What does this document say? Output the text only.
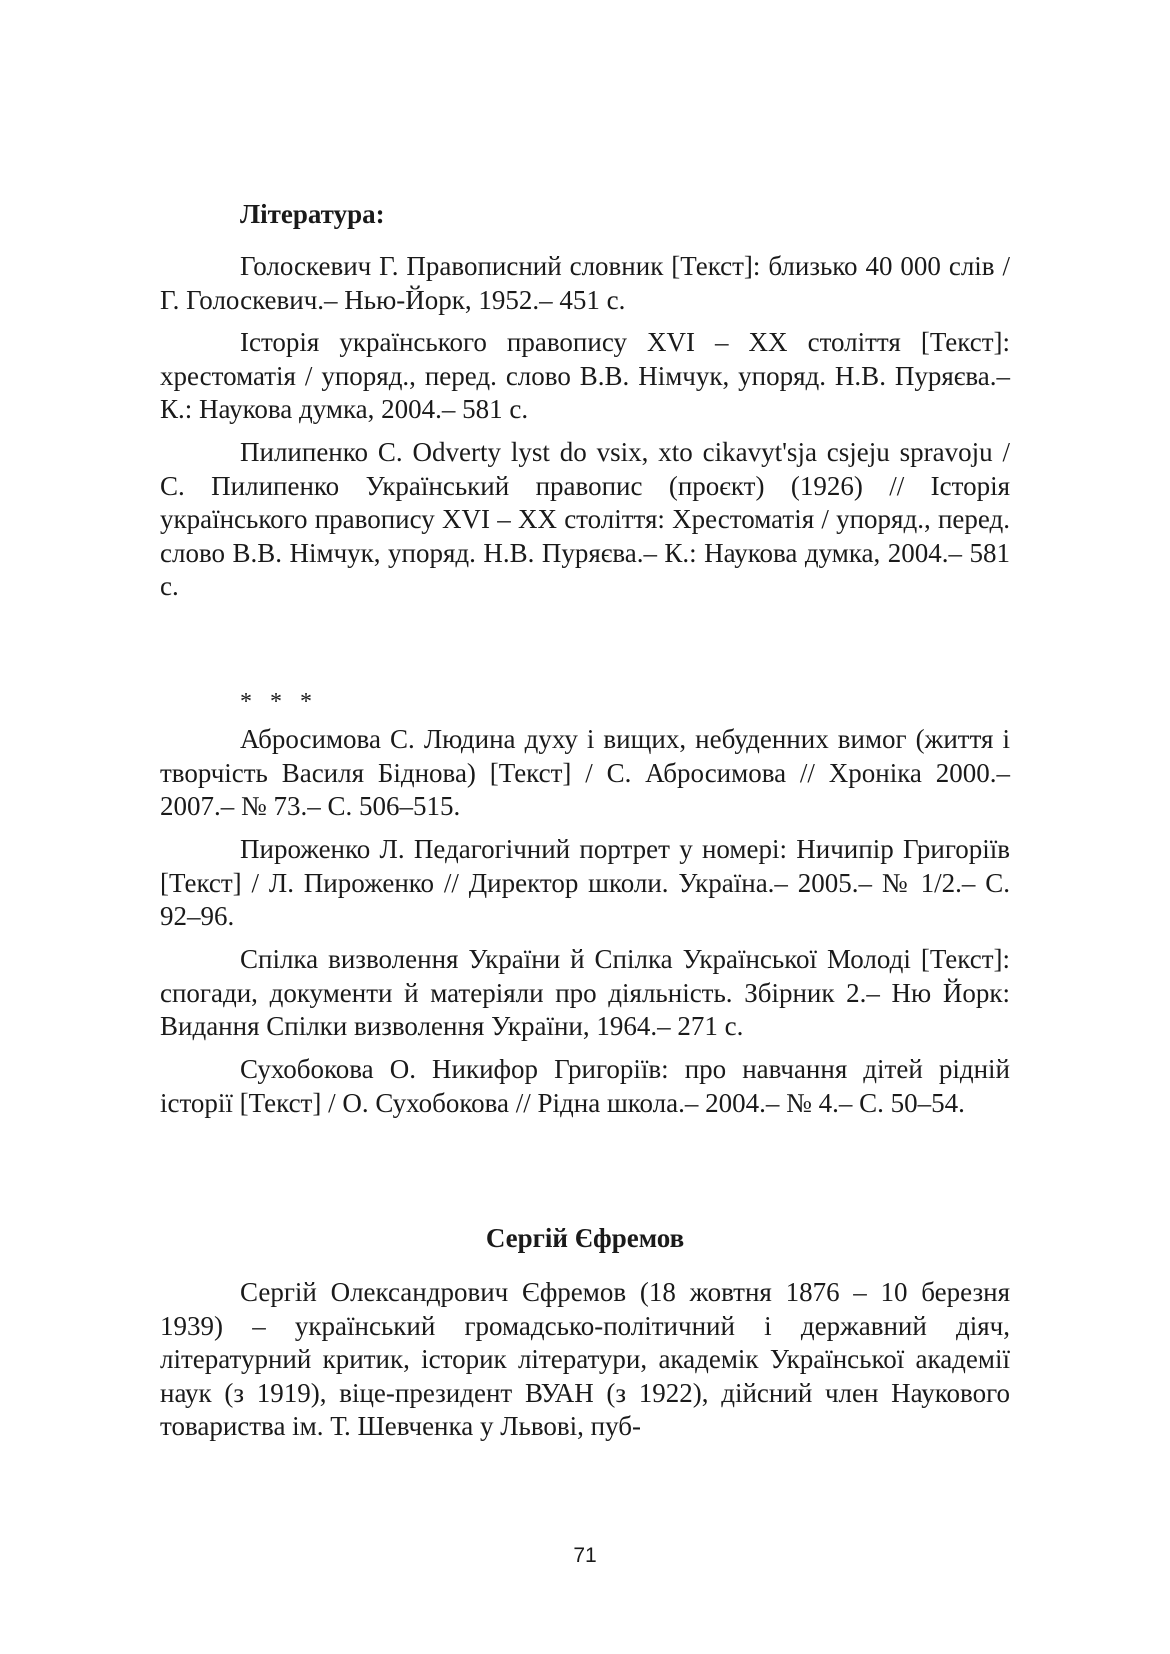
Література:

Голоскевич Г. Правописний словник [Текст]: близько 40 000 слів / Г. Голоскевич.– Нью-Йорк, 1952.– 451 с.

Історія українського правопису XVI – XX століття [Текст]: хрестоматія / упоряд., перед. слово В.В. Німчук, упоряд. Н.В. Пуряєва.– К.: Наукова думка, 2004.– 581 с.

Пилипенко С. Odverty lyst do vsix, xto cikavyt'sja csjeju spravoju / С. Пилипенко Український правопис (проєкт) (1926) // Історія українського правопису XVI – XX століття: Хрестоматія / упоряд., перед. слово В.В. Німчук, упоряд. Н.В. Пуряєва.– К.: Наукова думка, 2004.– 581 с.

* * *

Абросимова С. Людина духу і вищих, небуденних вимог (життя і творчість Василя Біднова) [Текст] / С. Абросимова // Хроніка 2000.– 2007.– № 73.– С. 506–515.

Пироженко Л. Педагогічний портрет у номері: Ничипір Григоріїв [Текст] / Л. Пироженко // Директор школи. Україна.– 2005.– № 1/2.– С. 92–96.

Спілка визволення України й Спілка Української Молоді [Текст]: спогади, документи й матеріяли про діяльність. Збірник 2.– Ню Йорк: Видання Спілки визволення України, 1964.– 271 с.

Сухобокова О. Никифор Григоріїв: про навчання дітей рідній історії [Текст] / О. Сухобокова // Рідна школа.– 2004.– № 4.– С. 50–54.

Сергій Єфремов

Сергій Олександрович Єфремов (18 жовтня 1876 – 10 березня 1939) – український громадсько-політичний і державний діяч, літературний критик, історик літератури, академік Української академії наук (з 1919), віце-президент ВУАН (з 1922), дійсний член Наукового товариства ім. Т. Шевченка у Львові, пуб-

71
